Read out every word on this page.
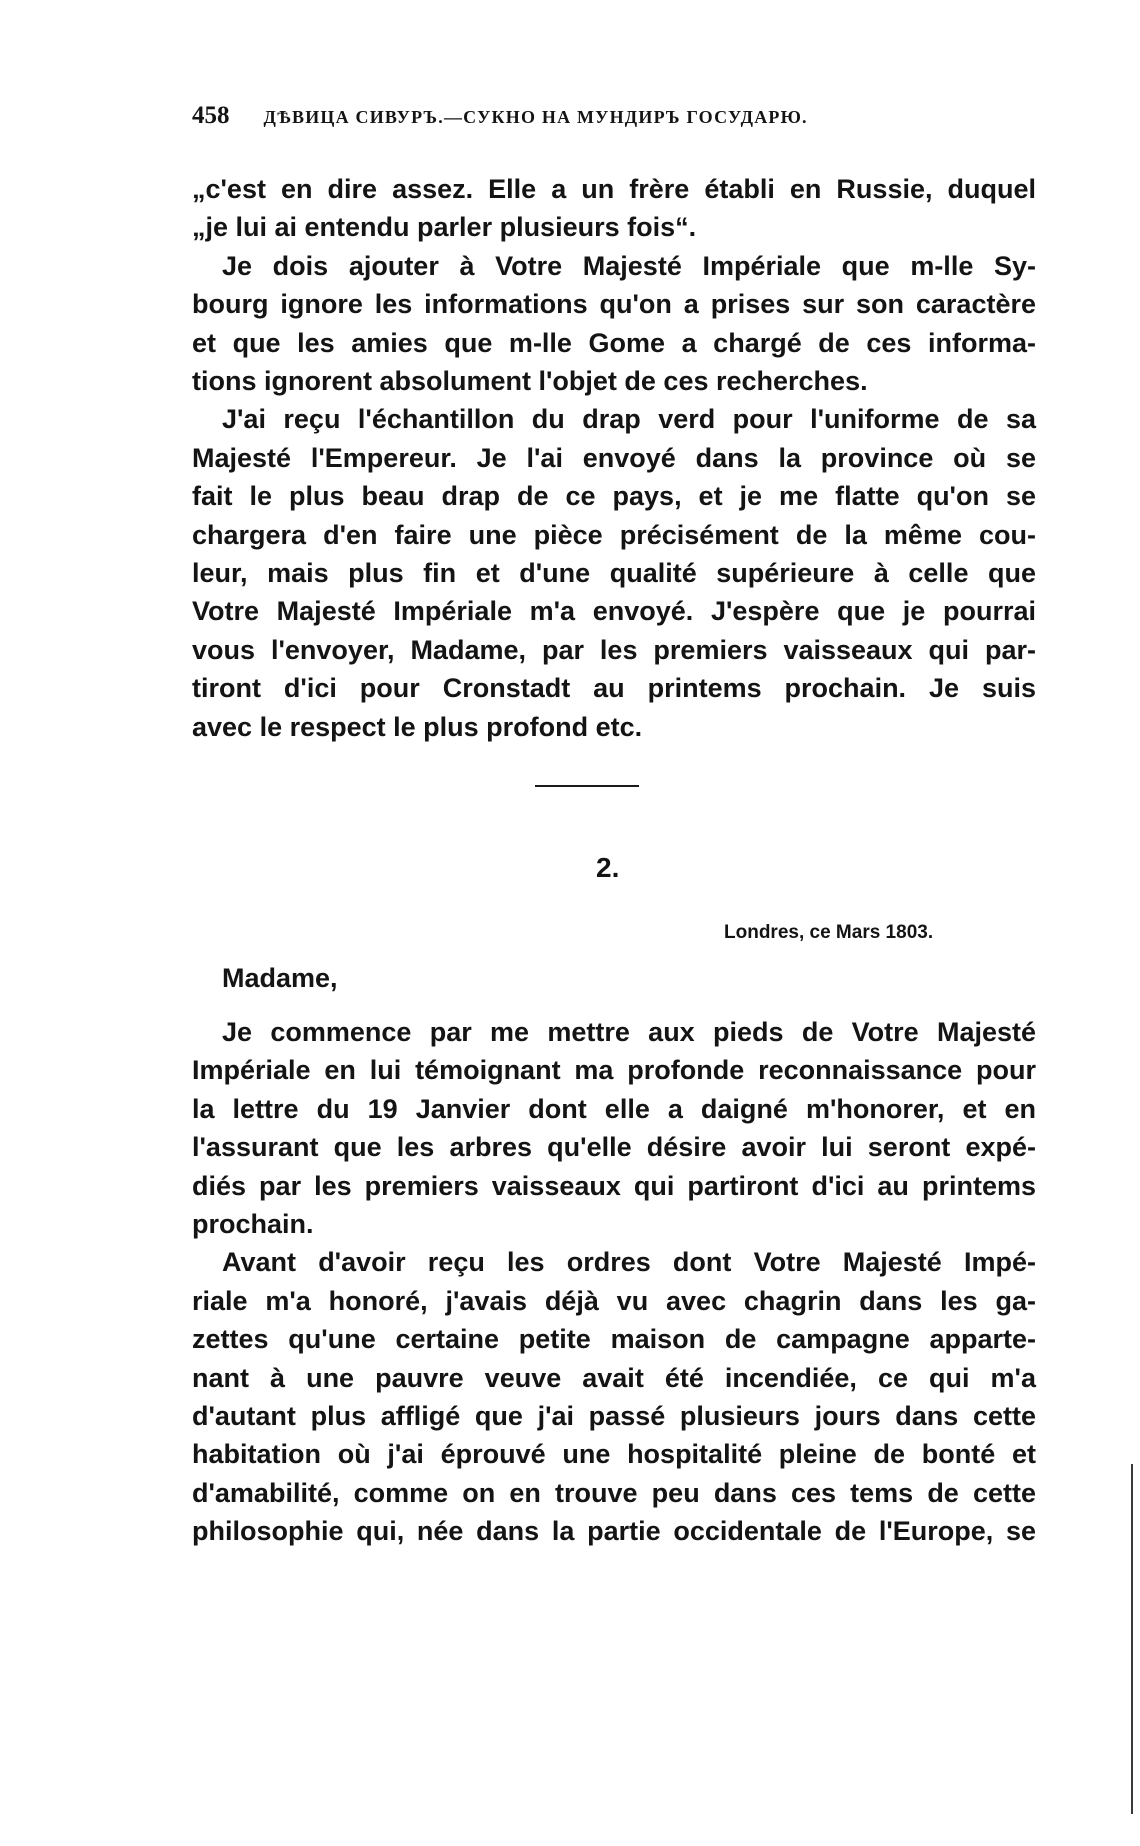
458 ДѢВИЦА СИВУРЪ.—СУКНО НА МУНДИРЪ ГОСУДАРЮ.
„c'est en dire assez. Elle a un frère établi en Russie, duquel
„je lui ai entendu parler plusieurs fois“.
Je dois ajouter à Votre Majesté Impériale que m-lle Sy-
bourg ignore les informations qu'on a prises sur son caractère
et que les amies que m-lle Gome a chargé de ces informa-
tions ignorent absolument l'objet de ces recherches.
J'ai reçu l'échantillon du drap verd pour l'uniforme de sa
Majesté l'Empereur. Je l'ai envoyé dans la province où se
fait le plus beau drap de ce pays, et je me flatte qu'on se
chargera d'en faire une pièce précisément de la même cou-
leur, mais plus fin et d'une qualité supérieure à celle que
Votre Majesté Impériale m'a envoyé. J'espère que je pourrai
vous l'envoyer, Madame, par les premiers vaisseaux qui par-
tiront d'ici pour Cronstadt au printems prochain. Je suis
avec le respect le plus profond etc.
2.
Londres, ce Mars 1803.
Madame,
Je commence par me mettre aux pieds de Votre Majesté
Impériale en lui témoignant ma profonde reconnaissance pour
la lettre du 19 Janvier dont elle a daigné m'honorer, et en
l'assurant que les arbres qu'elle désire avoir lui seront expé-
diés par les premiers vaisseaux qui partiront d'ici au printems
prochain.
Avant d'avoir reçu les ordres dont Votre Majesté Impé-
riale m'a honoré, j'avais déjà vu avec chagrin dans les ga-
zettes qu'une certaine petite maison de campagne apparte-
nant à une pauvre veuve avait été incendiée, ce qui m'a
d'autant plus affligé que j'ai passé plusieurs jours dans cette
habitation où j'ai éprouvé une hospitalité pleine de bonté et
d'amabilité, comme on en trouve peu dans ces tems de cette
philosophie qui, née dans la partie occidentale de l'Europe, se
